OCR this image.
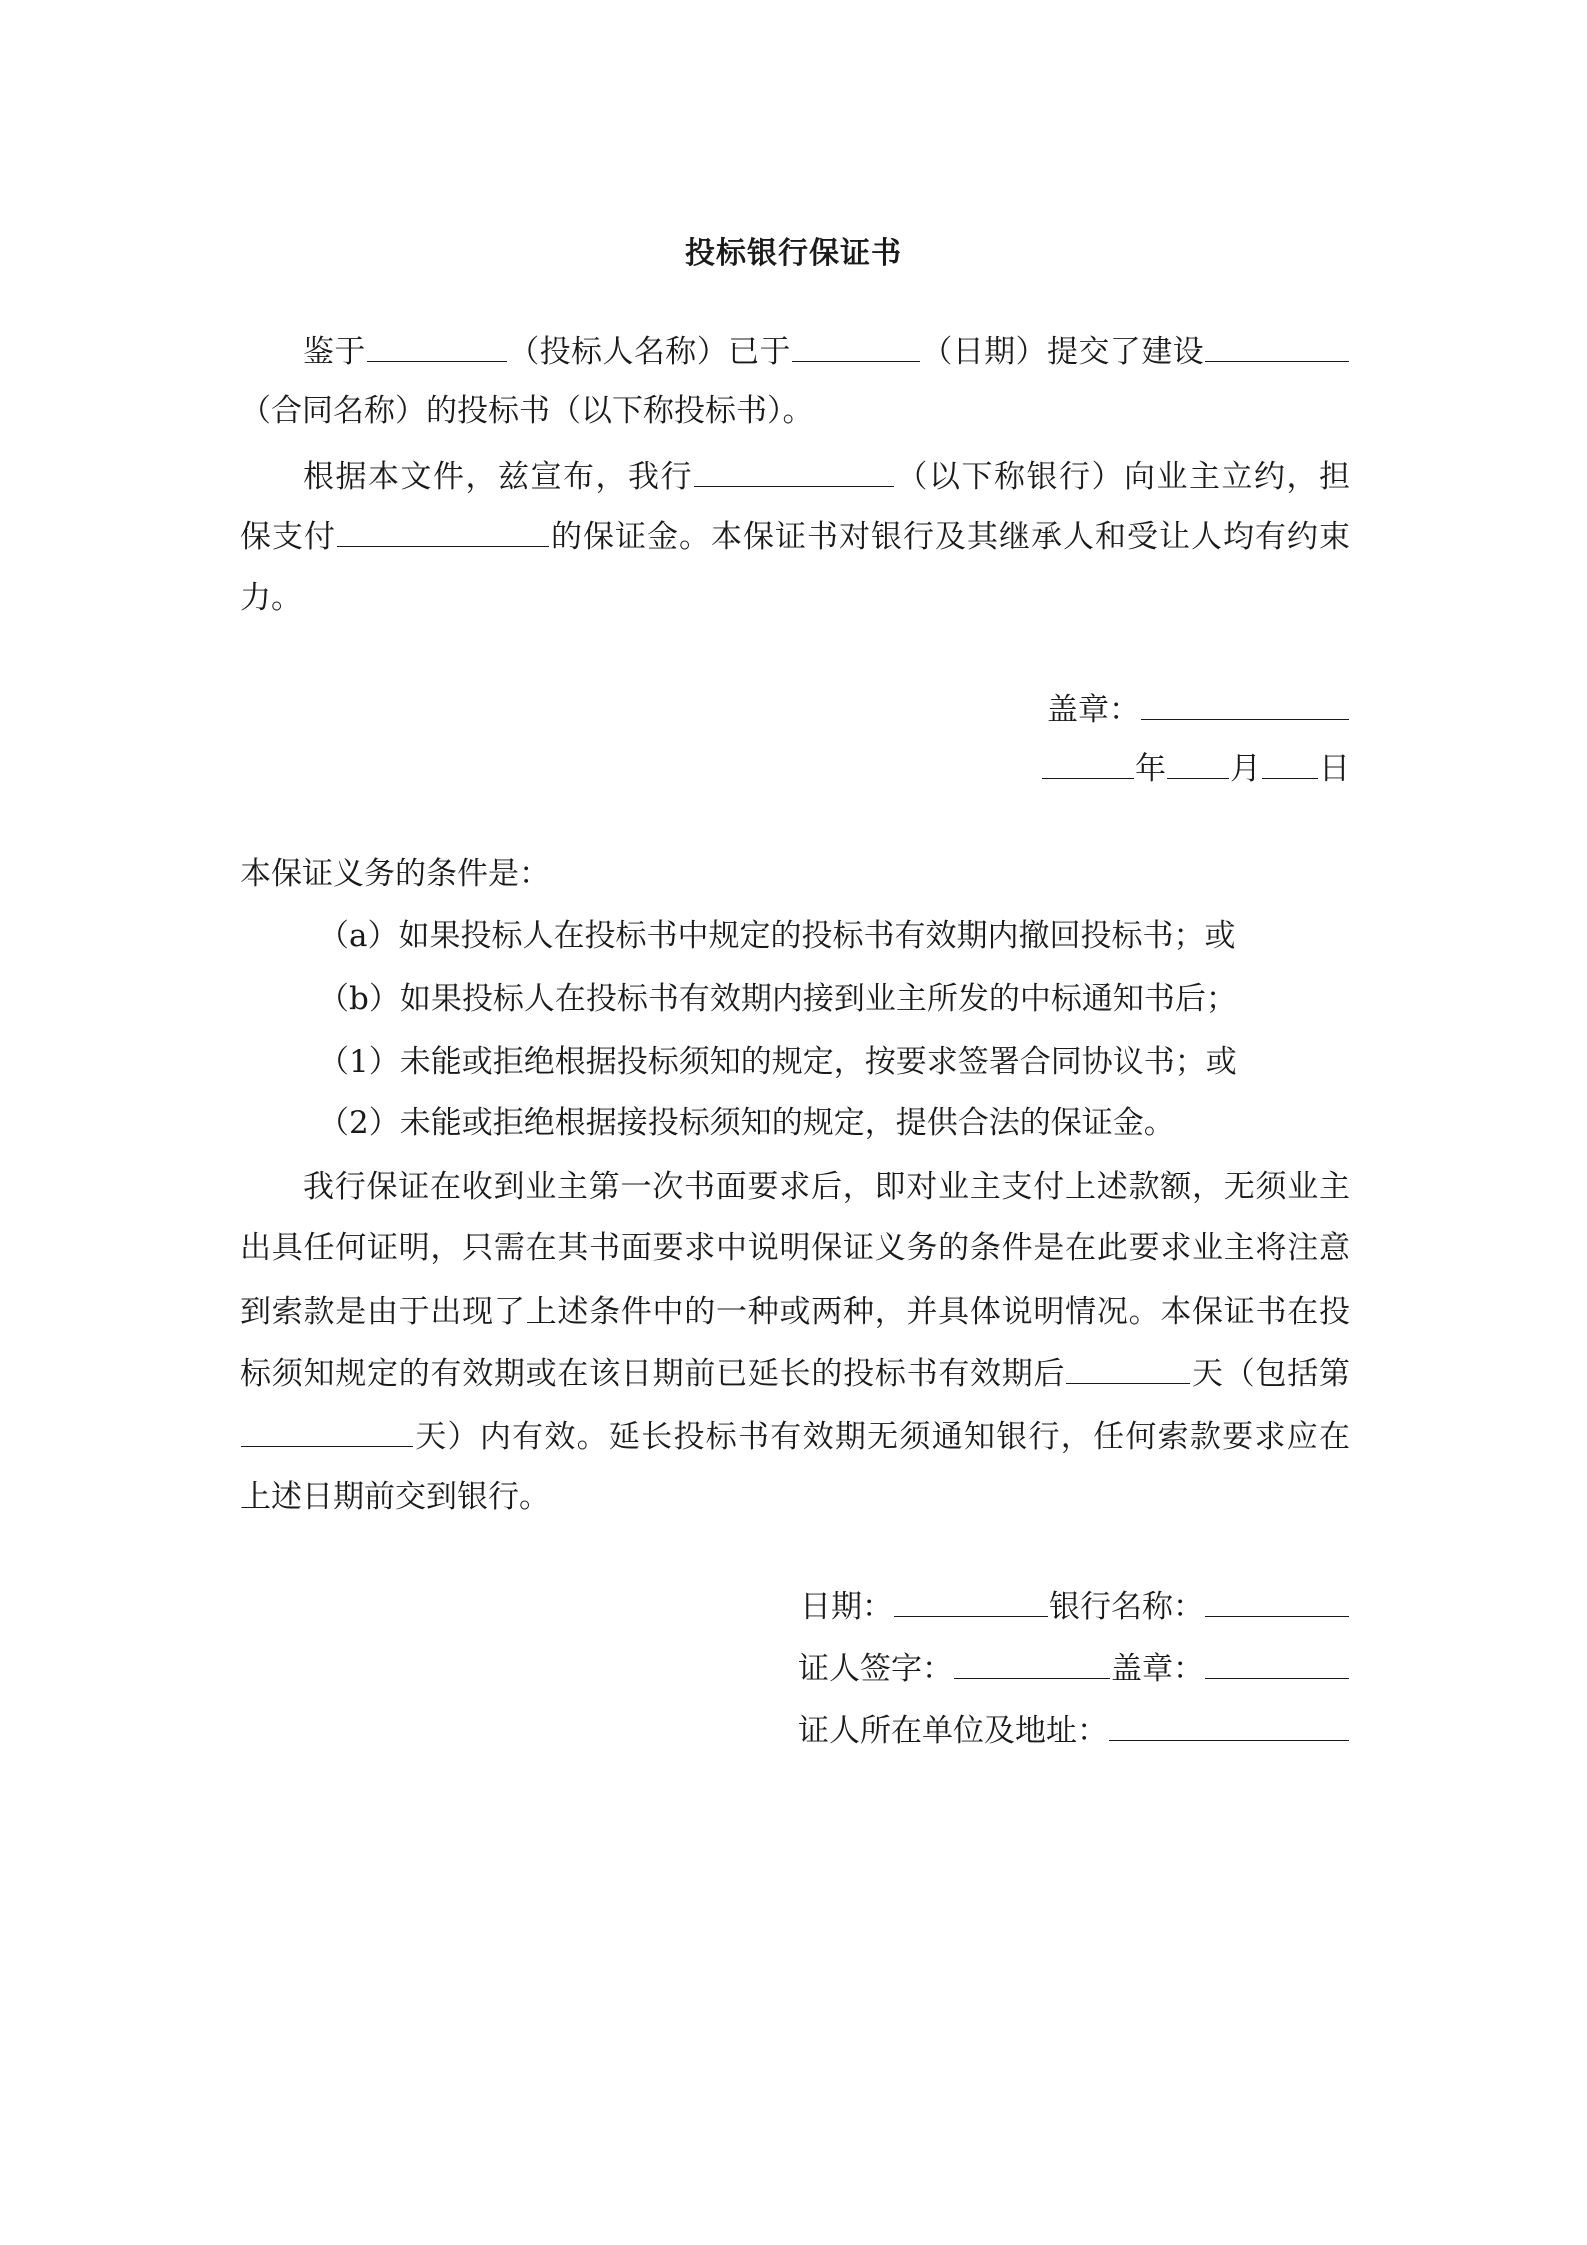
投标银行保证书
鉴于	（投标人名称）已于	（日期）提交了建设
（合同名称）的投标书（以下称投标书）。
根据本文件，兹宣布，我行	（以下称银行）向业主立约，担
保支付	的保证金。本保证书对银行及其继承人和受让人均有约束
力。
盖章：
年 月 日
本保证义务的条件是：
（a）如果投标人在投标书中规定的投标书有效期内撤回投标书；或
（b）如果投标人在投标书有效期内接到业主所发的中标通知书后；
（1）未能或拒绝根据投标须知的规定，按要求签署合同协议书；或
（2）未能或拒绝根据接投标须知的规定，提供合法的保证金。
我行保证在收到业主第一次书面要求后，即对业主支付上述款额，无须业主
出具任何证明，只需在其书面要求中说明保证义务的条件是在此要求业主将注意
到索款是由于出现了上述条件中的一种或两种，并具体说明情况。本保证书在投
标须知规定的有效期或在该日期前已延长的投标书有效期后	天（包括第
天）内有效。延长投标书有效期无须通知银行，任何索款要求应在
上述日期前交到银行。
日期：	银行名称：
证人签字：	盖章：
证人所在单位及地址：
